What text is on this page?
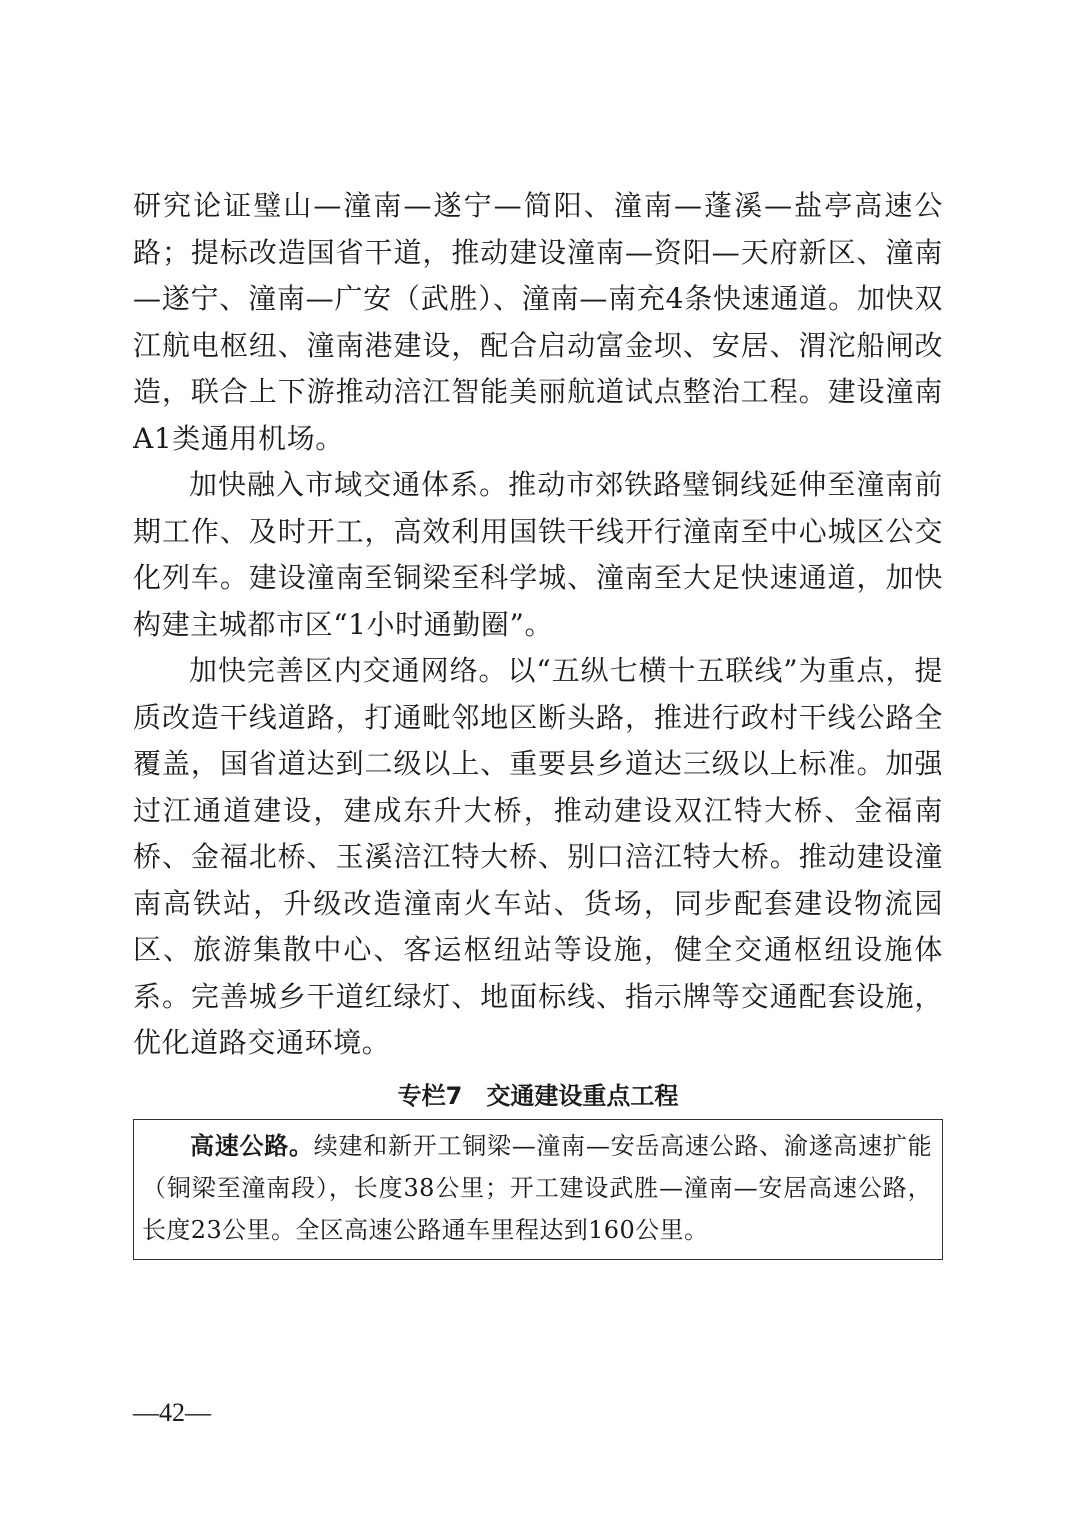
研究论证璧山—潼南—遂宁—简阳、潼南—蓬溪—盐亭高速公路；提标改造国省干道，推动建设潼南—资阳—天府新区、潼南—遂宁、潼南—广安（武胜）、潼南—南充4条快速通道。加快双江航电枢纽、潼南港建设，配合启动富金坝、安居、渭沱船闸改造，联合上下游推动涪江智能美丽航道试点整治工程。建设潼南A1类通用机场。

加快融入市域交通体系。推动市郊铁路璧铜线延伸至潼南前期工作、及时开工，高效利用国铁干线开行潼南至中心城区公交化列车。建设潼南至铜梁至科学城、潼南至大足快速通道，加快构建主城都市区“1小时通勤圈”。

加快完善区内交通网络。以“五纵七横十五联线”为重点，提质改造干线道路，打通毗邻地区断头路，推进行政村干线公路全覆盖，国省道达到二级以上、重要县乡道达三级以上标准。加强过江通道建设，建成东升大桥，推动建设双江特大桥、金福南桥、金福北桥、玉溪涪江特大桥、别口涪江特大桥。推动建设潼南高铁站，升级改造潼南火车站、货场，同步配套建设物流园区、旅游集散中心、客运枢纽站等设施，健全交通枢纽设施体系。完善城乡干道红绿灯、地面标线、指示牌等交通配套设施，优化道路交通环境。

专栏7 交通建设重点工程

高速公路。续建和新开工铜梁—潼南—安岳高速公路、渝遂高速扩能（铜梁至潼南段），长度38公里；开工建设武胜—潼南—安居高速公路，长度23公里。全区高速公路通车里程达到160公里。

—42—
